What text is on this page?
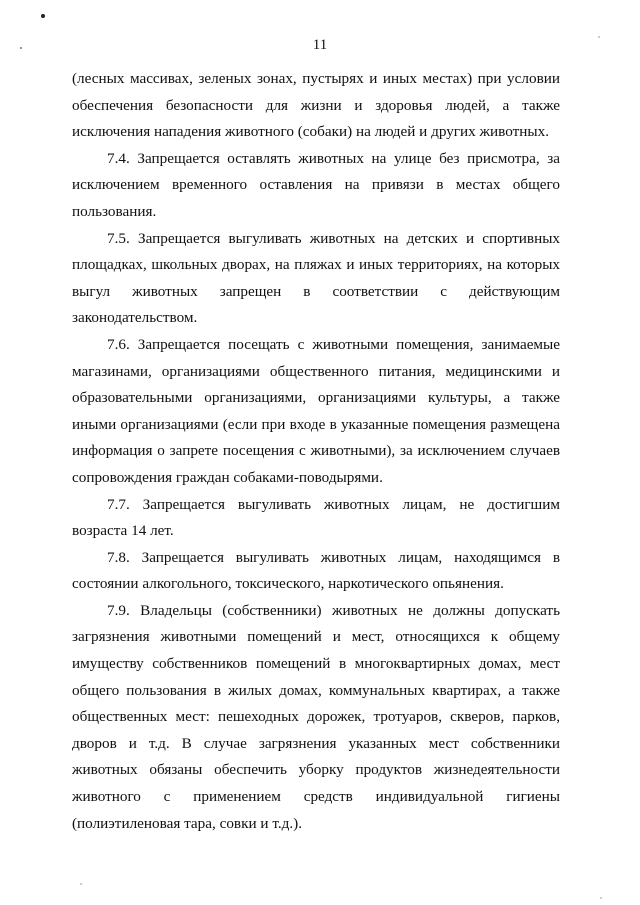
11

(лесных массивах, зеленых зонах, пустырях и иных местах) при условии обеспечения безопасности для жизни и здоровья людей, а также исключения нападения животного (собаки) на людей и других животных.

7.4. Запрещается оставлять животных на улице без присмотра, за исключением временного оставления на привязи в местах общего пользования.

7.5. Запрещается выгуливать животных на детских и спортивных площадках, школьных дворах, на пляжах и иных территориях, на которых выгул животных запрещен в соответствии с действующим законодательством.

7.6. Запрещается посещать с животными помещения, занимаемые магазинами, организациями общественного питания, медицинскими и образовательными организациями, организациями культуры, а также иными организациями (если при входе в указанные помещения размещена информация о запрете посещения с животными), за исключением случаев сопровождения граждан собаками-поводырями.

7.7. Запрещается выгуливать животных лицам, не достигшим возраста 14 лет.

7.8. Запрещается выгуливать животных лицам, находящимся в состоянии алкогольного, токсического, наркотического опьянения.

7.9. Владельцы (собственники) животных не должны допускать загрязнения животными помещений и мест, относящихся к общему имуществу собственников помещений в многоквартирных домах, мест общего пользования в жилых домах, коммунальных квартирах, а также общественных мест: пешеходных дорожек, тротуаров, скверов, парков, дворов и т.д. В случае загрязнения указанных мест собственники животных обязаны обеспечить уборку продуктов жизнедеятельности животного с применением средств индивидуальной гигиены (полиэтиленовая тара, совки и т.д.).
